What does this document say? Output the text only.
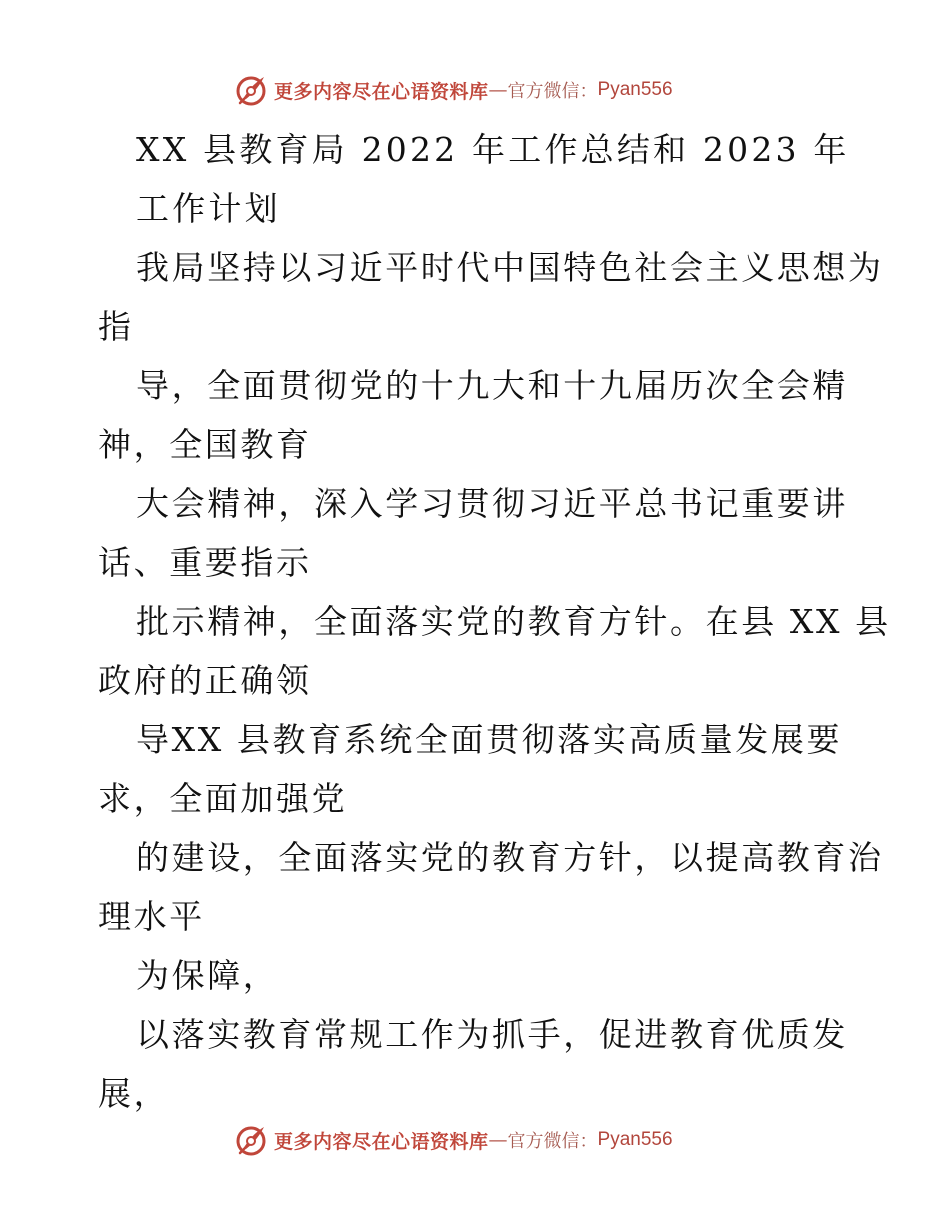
更多内容尽在心语资料库 — 官方微信： Pyan556
XX 县教育局 2022 年工作总结和 2023 年
工作计划
我局坚持以习近平时代中国特色社会主义思想为
指
导，全面贯彻党的十九大和十九届历次全会精
神，全国教育
大会精神，深入学习贯彻习近平总书记重要讲
话、重要指示
批示精神，全面落实党的教育方针。在县 XX 县
政府的正确领
导XX 县教育系统全面贯彻落实高质量发展要
求，全面加强党
的建设，全面落实党的教育方针，以提高教育治
理水平
为保障，
以落实教育常规工作为抓手，促进教育优质发
展，
更多内容尽在心语资料库 — 官方微信： Pyan556
